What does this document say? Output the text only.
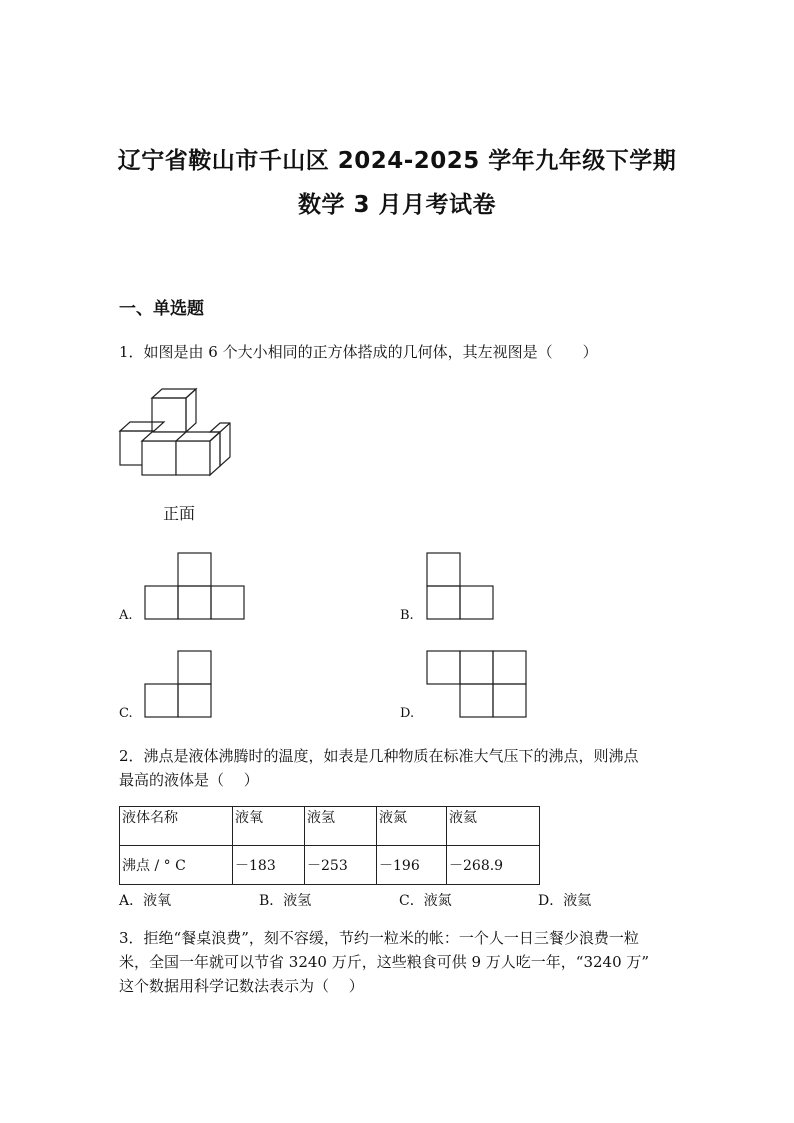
辽宁省鞍山市千山区 2024-2025 学年九年级下学期
数学 3 月月考试卷
一、单选题
1．如图是由 6 个大小相同的正方体搭成的几何体，其左视图是（　　）
正面
A.	B.
C.	D.
2．沸点是液体沸腾时的温度，如表是几种物质在标准大气压下的沸点，则沸点
最高的液体是（　 ）
液体名称	液氧	液氢	液氮	液氦
沸点 / ° C	－183	－253	－196	－268.9
A．液氧	B．液氢	C．液氮	D．液氦
3．拒绝“餐桌浪费”，刻不容缓，节约一粒米的帐：一个人一日三餐少浪费一粒
米，全国一年就可以节省 3240 万斤，这些粮食可供 9 万人吃一年，“3240 万”
这个数据用科学记数法表示为（　 ）
